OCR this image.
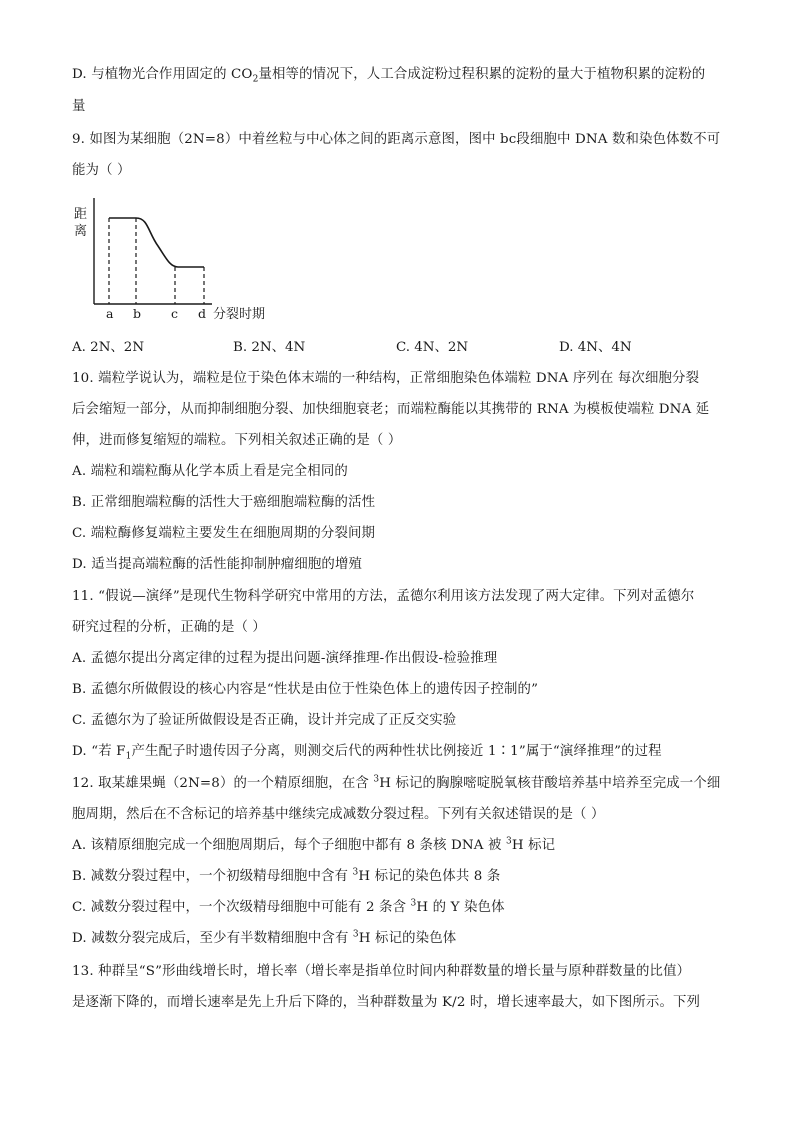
D. 与植物光合作用固定的 $CO_2$量相等的情况下，人工合成淀粉过程积累的淀粉的量大于植物积累的淀粉的
量
9. 如图为某细胞（2N=8）中着丝粒与中心体之间的距离示意图，图中 bc段细胞中 DNA 数和染色体数不可
能为（ ）
距
离
a b c d 分裂时期
A. 2N、2N	B. 2N、4N	C. 4N、2N	D. 4N、4N
10. 端粒学说认为，端粒是位于染色体末端的一种结构，正常细胞染色体端粒 DNA 序列在 每次细胞分裂
后会缩短一部分，从而抑制细胞分裂、加快细胞衰老；而端粒酶能以其携带的 RNA 为模板使端粒 DNA 延
伸，进而修复缩短的端粒。下列相关叙述正确的是（ ）
A. 端粒和端粒酶从化学本质上看是完全相同的
B. 正常细胞端粒酶的活性大于癌细胞端粒酶的活性
C. 端粒酶修复端粒主要发生在细胞周期的分裂间期
D. 适当提高端粒酶的活性能抑制肿瘤细胞的增殖
11. “假说—演绎”是现代生物科学研究中常用的方法，孟德尔利用该方法发现了两大定律。下列对孟德尔
研究过程的分析，正确的是（ ）
A. 孟德尔提出分离定律的过程为提出问题-演绎推理-作出假设-检验推理
B. 孟德尔所做假设的核心内容是“性状是由位于性染色体上的遗传因子控制的”
C. 孟德尔为了验证所做假设是否正确，设计并完成了正反交实验
D. “若 $F_1$产生配子时遗传因子分离，则测交后代的两种性状比例接近 1∶1”属于“演绎推理”的过程
12. 取某雄果蝇（2N=8）的一个精原细胞，在含 $^3$H 标记的胸腺嘧啶脱氧核苷酸培养基中培养至完成一个细
胞周期，然后在不含标记的培养基中继续完成减数分裂过程。下列有关叙述错误的是（ ）
A. 该精原细胞完成一个细胞周期后，每个子细胞中都有 8 条核 DNA 被 $^3$H 标记
B. 减数分裂过程中，一个初级精母细胞中含有 $^3$H 标记的染色体共 8 条
C. 减数分裂过程中，一个次级精母细胞中可能有 2 条含 $^3$H 的 Y 染色体
D. 减数分裂完成后，至少有半数精细胞中含有 $^3$H 标记的染色体
13. 种群呈“S”形曲线增长时，增长率（增长率是指单位时间内种群数量的增长量与原种群数量的比值）
是逐渐下降的，而增长速率是先上升后下降的，当种群数量为 K/2 时，增长速率最大，如下图所示。下列
